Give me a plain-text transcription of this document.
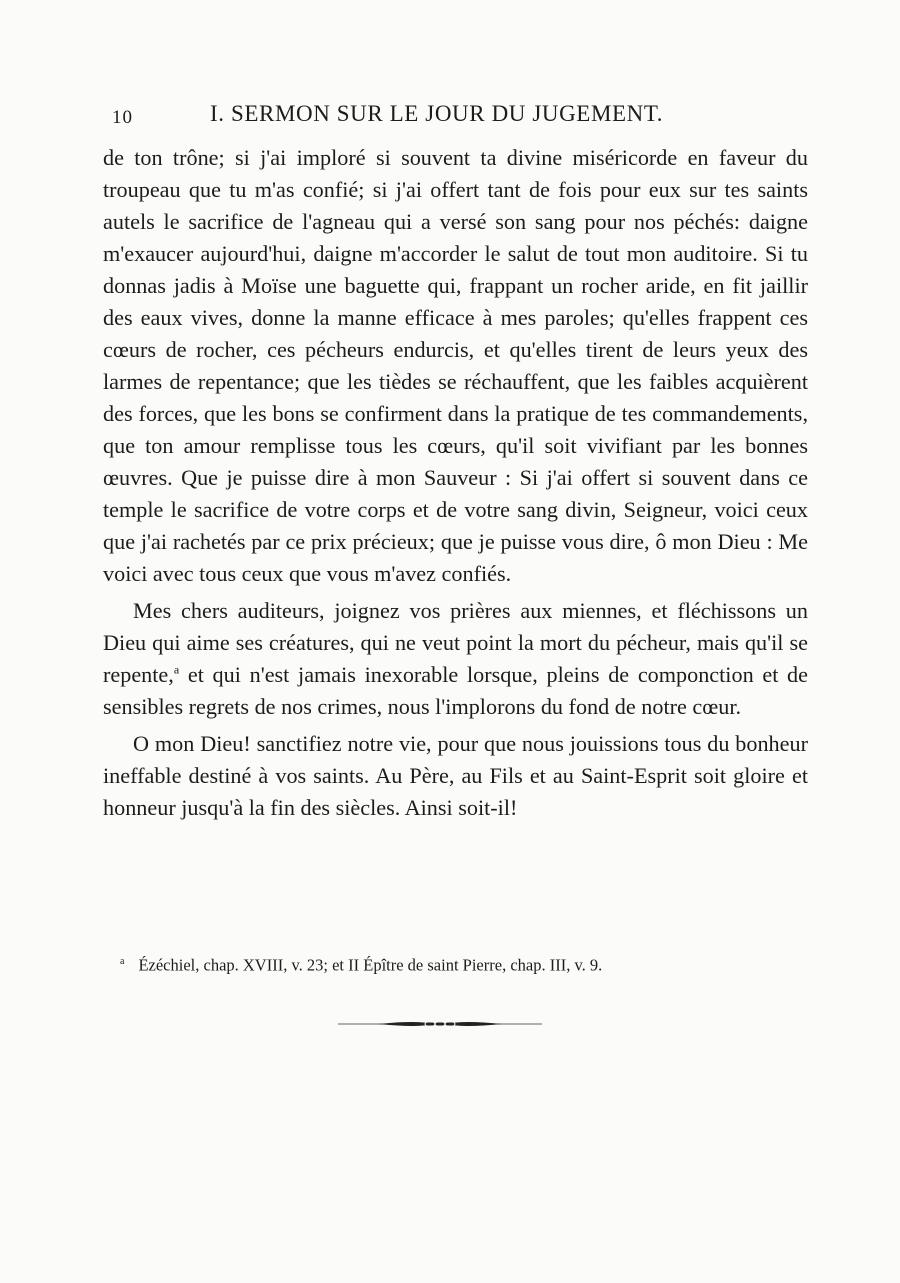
10	I. SERMON SUR LE JOUR DU JUGEMENT.

de ton trône; si j'ai imploré si souvent ta divine miséricorde en faveur du troupeau que tu m'as confié; si j'ai offert tant de fois pour eux sur tes saints autels le sacrifice de l'agneau qui a versé son sang pour nos péchés: daigne m'exaucer aujourd'hui, daigne m'accorder le salut de tout mon auditoire. Si tu donnas jadis à Moïse une baguette qui, frappant un rocher aride, en fit jaillir des eaux vives, donne la manne efficace à mes paroles; qu'elles frappent ces cœurs de rocher, ces pécheurs endurcis, et qu'elles tirent de leurs yeux des larmes de repentance; que les tièdes se réchauffent, que les faibles acquièrent des forces, que les bons se confirment dans la pratique de tes commandements, que ton amour remplisse tous les cœurs, qu'il soit vivifiant par les bonnes œuvres. Que je puisse dire à mon Sauveur : Si j'ai offert si souvent dans ce temple le sacrifice de votre corps et de votre sang divin, Seigneur, voici ceux que j'ai rachetés par ce prix précieux; que je puisse vous dire, ô mon Dieu : Me voici avec tous ceux que vous m'avez confiés.

Mes chers auditeurs, joignez vos prières aux miennes, et fléchissons un Dieu qui aime ses créatures, qui ne veut point la mort du pécheur, mais qu'il se repente,$^a$ et qui n'est jamais inexorable lorsque, pleins de componction et de sensibles regrets de nos crimes, nous l'implorons du fond de notre cœur.

O mon Dieu! sanctifiez notre vie, pour que nous jouissions tous du bonheur ineffable destiné à vos saints. Au Père, au Fils et au Saint-Esprit soit gloire et honneur jusqu'à la fin des siècles. Ainsi soit-il!

$^a$ Ézéchiel, chap. XVIII, v. 23; et II Épître de saint Pierre, chap. III, v. 9.
